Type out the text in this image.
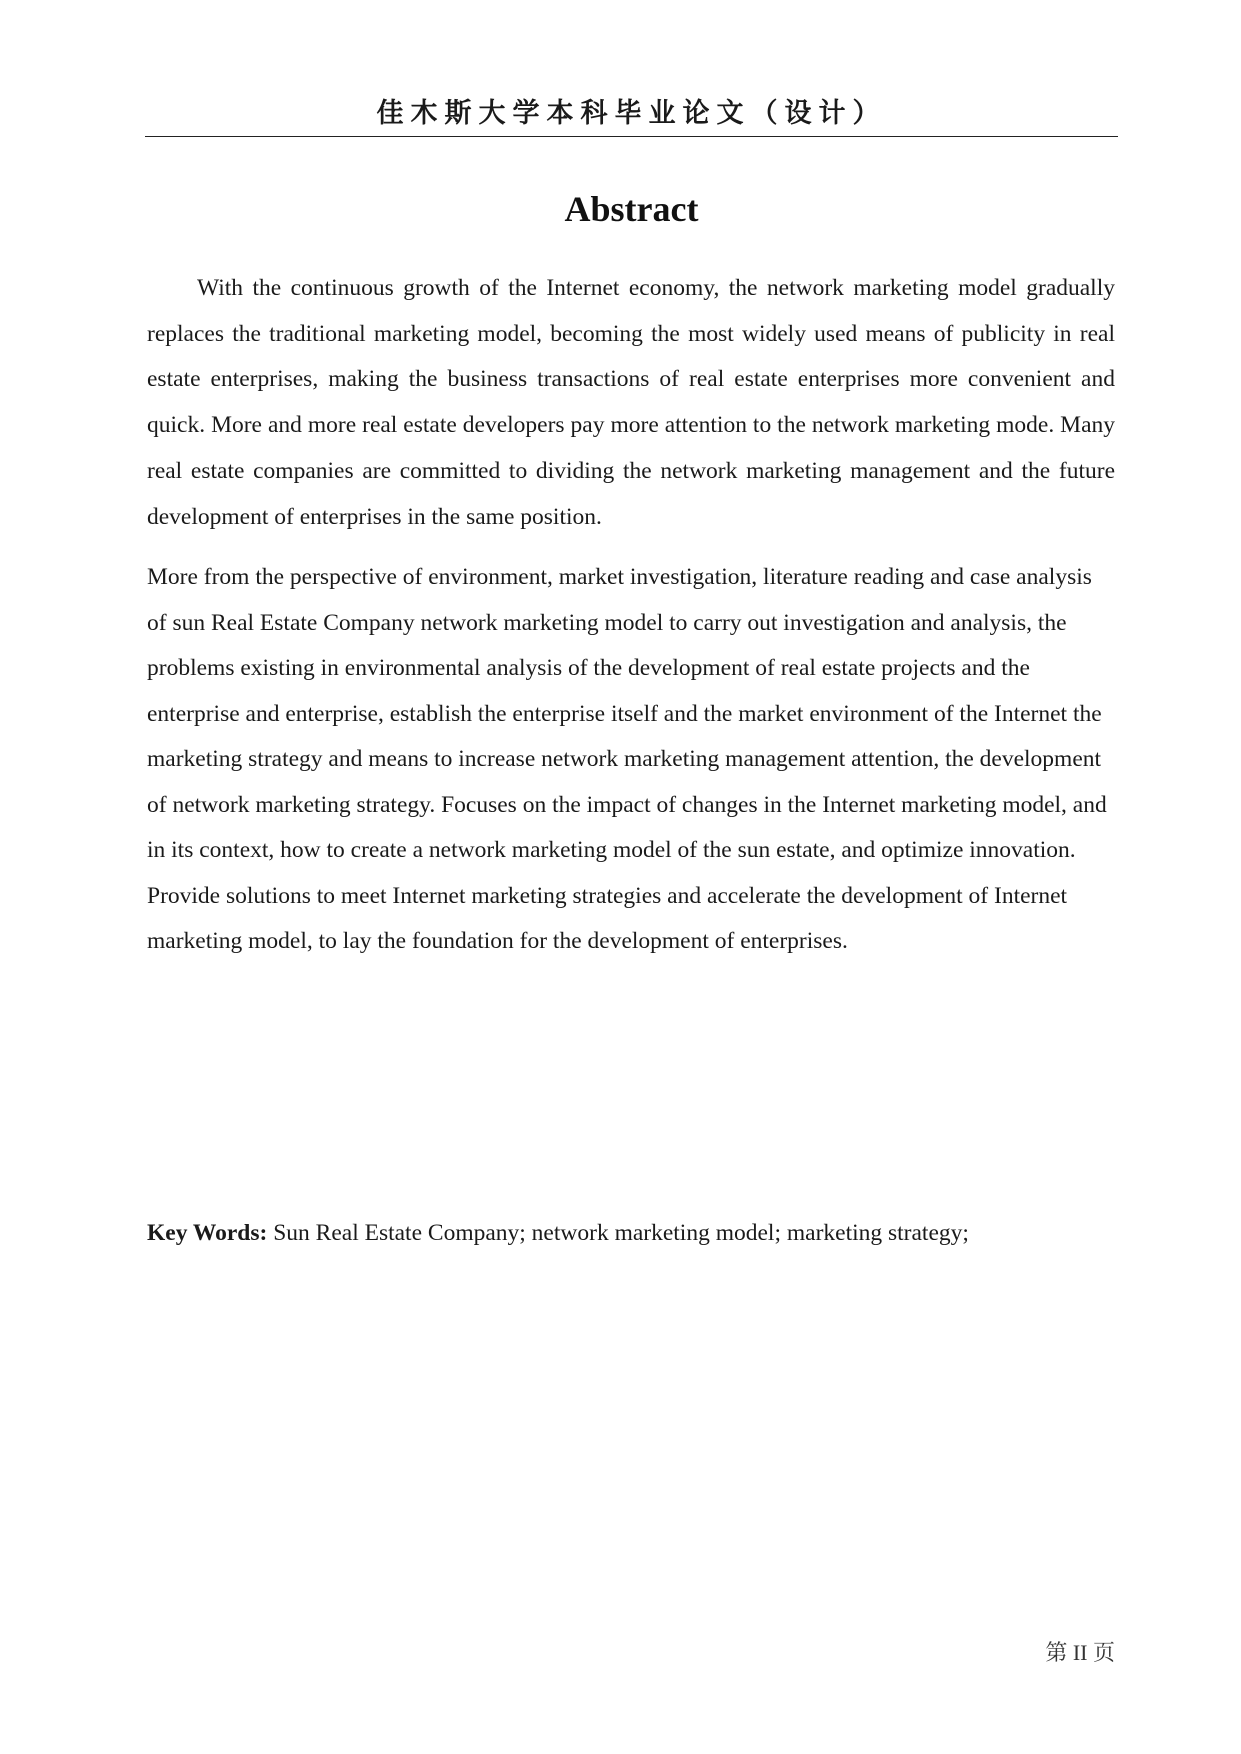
佳木斯大学本科毕业论文（设计）
Abstract

With the continuous growth of the Internet economy, the network marketing model gradually replaces the traditional marketing model, becoming the most widely used means of publicity in real estate enterprises, making the business transactions of real estate enterprises more convenient and quick. More and more real estate developers pay more attention to the network marketing mode. Many real estate companies are committed to dividing the network marketing management and the future development of enterprises in the same position.

More from the perspective of environment, market investigation, literature reading and case analysis of sun Real Estate Company network marketing model to carry out investigation and analysis, the problems existing in environmental analysis of the development of real estate projects and the enterprise and enterprise, establish the enterprise itself and the market environment of the Internet the marketing strategy and means to increase network marketing management attention, the development of network marketing strategy. Focuses on the impact of changes in the Internet marketing model, and in its context, how to create a network marketing model of the sun estate, and optimize innovation. Provide solutions to meet Internet marketing strategies and accelerate the development of Internet marketing model, to lay the foundation for the development of enterprises.

Key Words: Sun Real Estate Company; network marketing model; marketing strategy;
第 II 页
